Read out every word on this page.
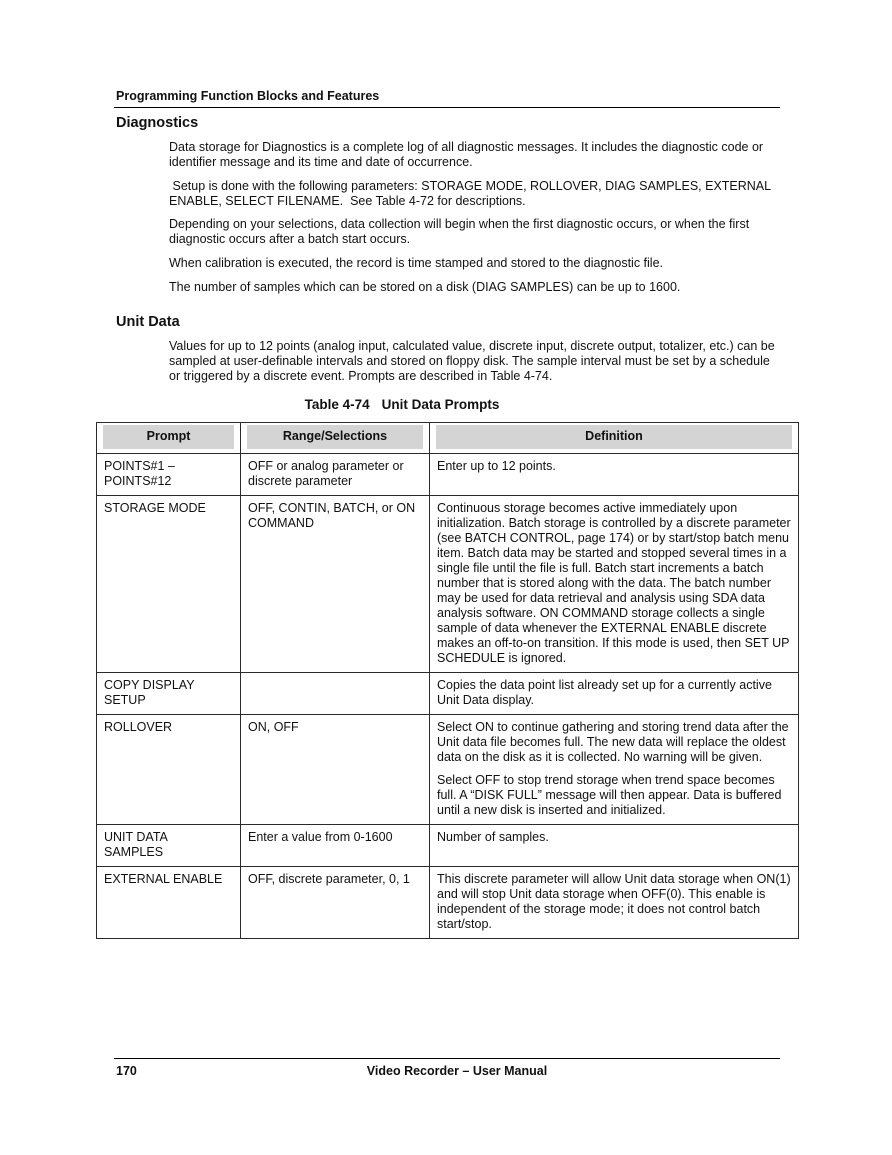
Programming Function Blocks and Features
Diagnostics

Data storage for Diagnostics is a complete log of all diagnostic messages. It includes the diagnostic code or identifier message and its time and date of occurrence.

Setup is done with the following parameters: STORAGE MODE, ROLLOVER, DIAG SAMPLES, EXTERNAL ENABLE, SELECT FILENAME.  See Table 4-72 for descriptions.

Depending on your selections, data collection will begin when the first diagnostic occurs, or when the first diagnostic occurs after a batch start occurs.

When calibration is executed, the record is time stamped and stored to the diagnostic file.

The number of samples which can be stored on a disk (DIAG SAMPLES) can be up to 1600.

Unit Data

Values for up to 12 points (analog input, calculated value, discrete input, discrete output, totalizer, etc.) can be sampled at user-definable intervals and stored on floppy disk. The sample interval must be set by a schedule or triggered by a discrete event. Prompts are described in Table 4-74.

Table 4-74 Unit Data Prompts
Prompt	Range/Selections	Definition

POINTS#1 – POINTS#12	OFF or analog parameter or discrete parameter	Enter up to 12 points.

STORAGE MODE	OFF, CONTIN, BATCH, or ON COMMAND	Continuous storage becomes active immediately upon initialization. Batch storage is controlled by a discrete parameter (see BATCH CONTROL, page 174) or by start/stop batch menu item. Batch data may be started and stopped several times in a single file until the file is full. Batch start increments a batch number that is stored along with the data. The batch number may be used for data retrieval and analysis using SDA data analysis software. ON COMMAND storage collects a single sample of data whenever the EXTERNAL ENABLE discrete makes an off-to-on transition. If this mode is used, then SET UP SCHEDULE is ignored.

COPY DISPLAY SETUP		Copies the data point list already set up for a currently active Unit Data display.

ROLLOVER	ON, OFF	Select ON to continue gathering and storing trend data after the Unit data file becomes full. The new data will replace the oldest data on the disk as it is collected. No warning will be given.

Select OFF to stop trend storage when trend space becomes full. A “DISK FULL” message will then appear. Data is buffered until a new disk is inserted and initialized.

UNIT DATA SAMPLES	Enter a value from 0-1600	Number of samples.

EXTERNAL ENABLE	OFF, discrete parameter, 0, 1	This discrete parameter will allow Unit data storage when ON(1) and will stop Unit data storage when OFF(0). This enable is independent of the storage mode; it does not control batch start/stop.

170	Video Recorder – User Manual
